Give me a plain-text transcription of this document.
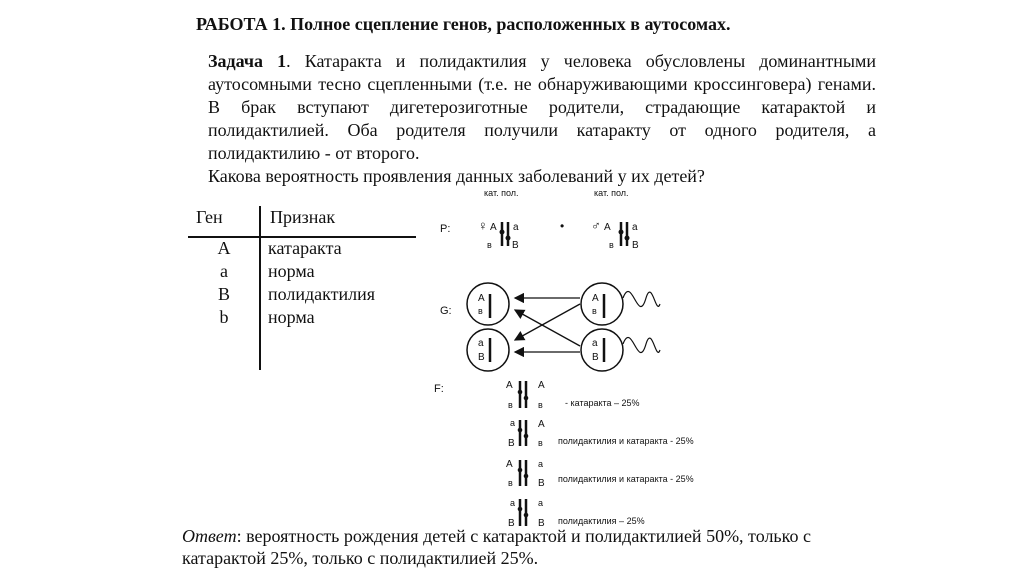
РАБОТА 1. Полное сцепление генов, расположенных в аутосомах.
Задача 1. Катаракта и полидактилия у человека обусловлены доминантными аутосомными тесно сцепленными (т.е. не обнаруживающими кроссинговера) генами. В брак вступают дигетерозиготные родители, страдающие катарактой и полидактилией. Оба родителя получили катаракту от одного родителя, а полидактилию - от второго.
Какова вероятность проявления данных заболеваний у их детей?
Ген	Признак
A	катаракта
a	норма
B	полидактилия
b	норма
кат. пол.	кат. пол.
P: ♀	• ♂
A a
в B
A a
в B
G:
A
в
a
B
A
в
a
B
F:	A	A
в	в - катаракта – 25%
a A
B	в полидактилия и катаракта - 25%
A	a
в	B полидактилия и катаракта - 25%
a	a
B B полидактилия – 25%
Ответ: вероятность рождения детей с катарактой и полидактилией 50%, только с катарактой 25%, только с полидактилией 25%.
